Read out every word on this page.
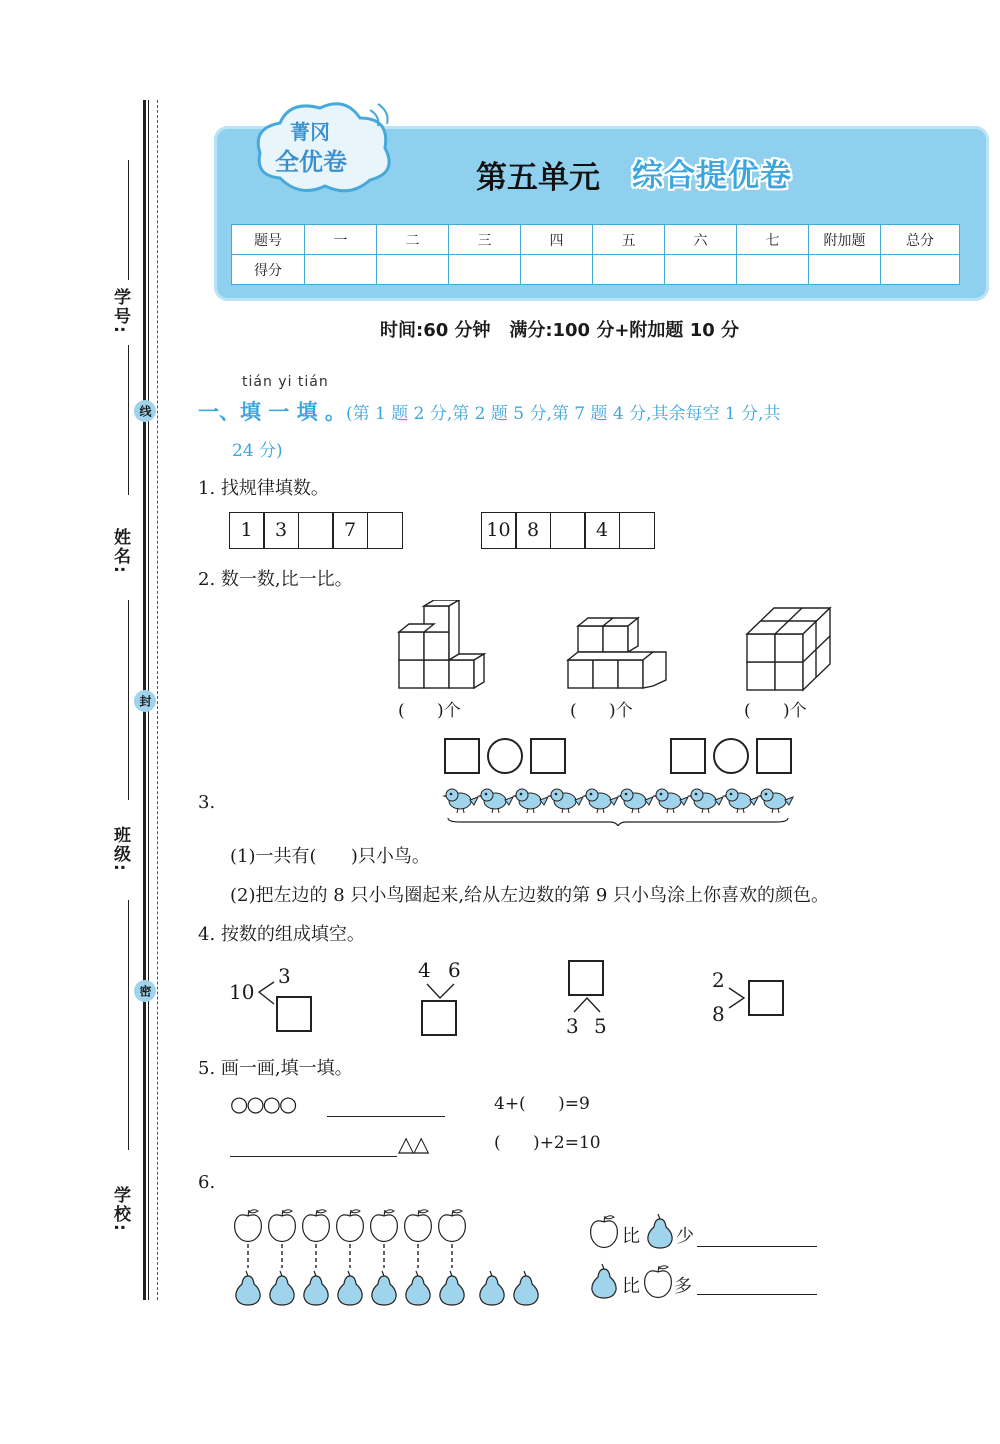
学号:
姓名:
班级:
学校:
线
封
密
菁冈
全优卷	第五单元 综合提优卷
题号	一	二	三	四	五	六	七	附加题	总分
得分									
时间:60 分钟   满分:100 分+附加题 10 分
tián yi tián
一、填 一 填 。(第 1 题 2 分,第 2 题 5 分,第 7 题 4 分,其余每空 1 分,共
24 分)
1. 找规律填数。
1	3	7	10 8	4
2. 数一数,比一比。
(      )个	(      )个	(      )个
3.
(1)一共有(      )只小鸟。
(2)把左边的 8 只小鸟圈起来,给从左边数的第 9 只小鸟涂上你喜欢的颜色。
4. 按数的组成填空。
10
3	4 6
3 5
2
8
5. 画一画,填一填。
○○○○	4+(      )=9
△△	(      )+2=10
6.
比 少
比 多
